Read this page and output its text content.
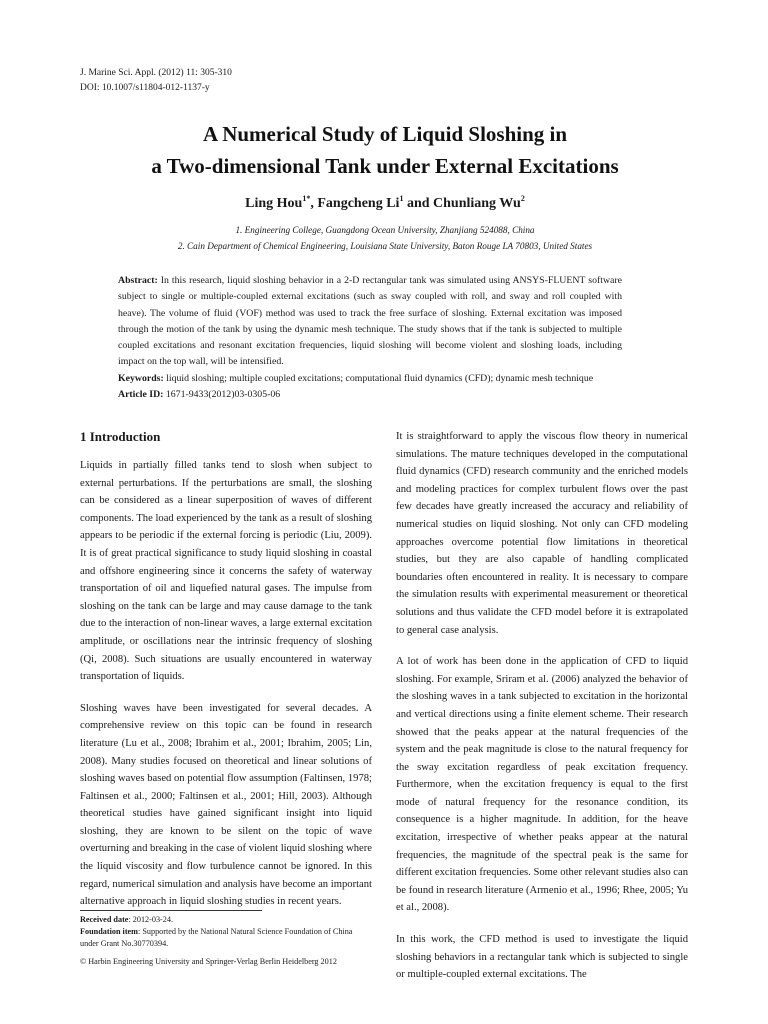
J. Marine Sci. Appl. (2012) 11: 305-310
DOI: 10.1007/s11804-012-1137-y
A Numerical Study of Liquid Sloshing in
a Two-dimensional Tank under External Excitations
Ling Hou$^{1*}$, Fangcheng Li$^1$ and Chunliang Wu$^2$
1. Engineering College, Guangdong Ocean University, Zhanjiang 524088, China
2. Cain Department of Chemical Engineering, Louisiana State University, Baton Rouge LA 70803, United States

Abstract: In this research, liquid sloshing behavior in a 2-D rectangular tank was simulated using ANSYS-FLUENT software subject to single or multiple-coupled external excitations (such as sway coupled with roll, and sway and roll coupled with heave). The volume of fluid (VOF) method was used to track the free surface of sloshing. External excitation was imposed through the motion of the tank by using the dynamic mesh technique. The study shows that if the tank is subjected to multiple coupled excitations and resonant excitation frequencies, liquid sloshing will become violent and sloshing loads, including impact on the top wall, will be intensified.

Keywords: liquid sloshing; multiple coupled excitations; computational fluid dynamics (CFD); dynamic mesh technique

Article ID: 1671-9433(2012)03-0305-06

1 Introduction

Liquids in partially filled tanks tend to slosh when subject to external perturbations. If the perturbations are small, the sloshing can be considered as a linear superposition of waves of different components. The load experienced by the tank as a result of sloshing appears to be periodic if the external forcing is periodic (Liu, 2009). It is of great practical significance to study liquid sloshing in coastal and offshore engineering since it concerns the safety of waterway transportation of oil and liquefied natural gases. The impulse from sloshing on the tank can be large and may cause damage to the tank due to the interaction of non-linear waves, a large external excitation amplitude, or oscillations near the intrinsic frequency of sloshing (Qi, 2008). Such situations are usually encountered in waterway transportation of liquids.

Sloshing waves have been investigated for several decades. A comprehensive review on this topic can be found in research literature (Lu et al., 2008; Ibrahim et al., 2001; Ibrahim, 2005; Lin, 2008). Many studies focused on theoretical and linear solutions of sloshing waves based on potential flow assumption (Faltinsen, 1978; Faltinsen et al., 2000; Faltinsen et al., 2001; Hill, 2003). Although theoretical studies have gained significant insight into liquid sloshing, they are known to be silent on the topic of wave overturning and breaking in the case of violent liquid sloshing where the liquid viscosity and flow turbulence cannot be ignored. In this regard, numerical simulation and analysis have become an important alternative approach in liquid sloshing studies in recent years.

It is straightforward to apply the viscous flow theory in numerical simulations. The mature techniques developed in the computational fluid dynamics (CFD) research community and the enriched models and modeling practices for complex turbulent flows over the past few decades have greatly increased the accuracy and reliability of numerical studies on liquid sloshing. Not only can CFD modeling approaches overcome potential flow limitations in theoretical studies, but they are also capable of handling complicated boundaries often encountered in reality. It is necessary to compare the simulation results with experimental measurement or theoretical solutions and thus validate the CFD model before it is extrapolated to general case analysis.

A lot of work has been done in the application of CFD to liquid sloshing. For example, Sriram et al. (2006) analyzed the behavior of the sloshing waves in a tank subjected to excitation in the horizontal and vertical directions using a finite element scheme. Their research showed that the peaks appear at the natural frequencies of the system and the peak magnitude is close to the natural frequency for the sway excitation regardless of peak excitation frequency. Furthermore, when the excitation frequency is equal to the first mode of natural frequency for the resonance condition, its consequence is a higher magnitude. In addition, for the heave excitation, irrespective of whether peaks appear at the natural frequencies, the magnitude of the spectral peak is the same for different excitation frequencies. Some other relevant studies also can be found in research literature (Armenio et al., 1996; Rhee, 2005; Yu et al., 2008).

In this work, the CFD method is used to investigate the liquid sloshing behaviors in a rectangular tank which is subjected to single or multiple-coupled external excitations. The

Received date: 2012-03-24.

Foundation item: Supported by the National Natural Science Foundation of China under Grant No.30770394.

© Harbin Engineering University and Springer-Verlag Berlin Heidelberg 2012
